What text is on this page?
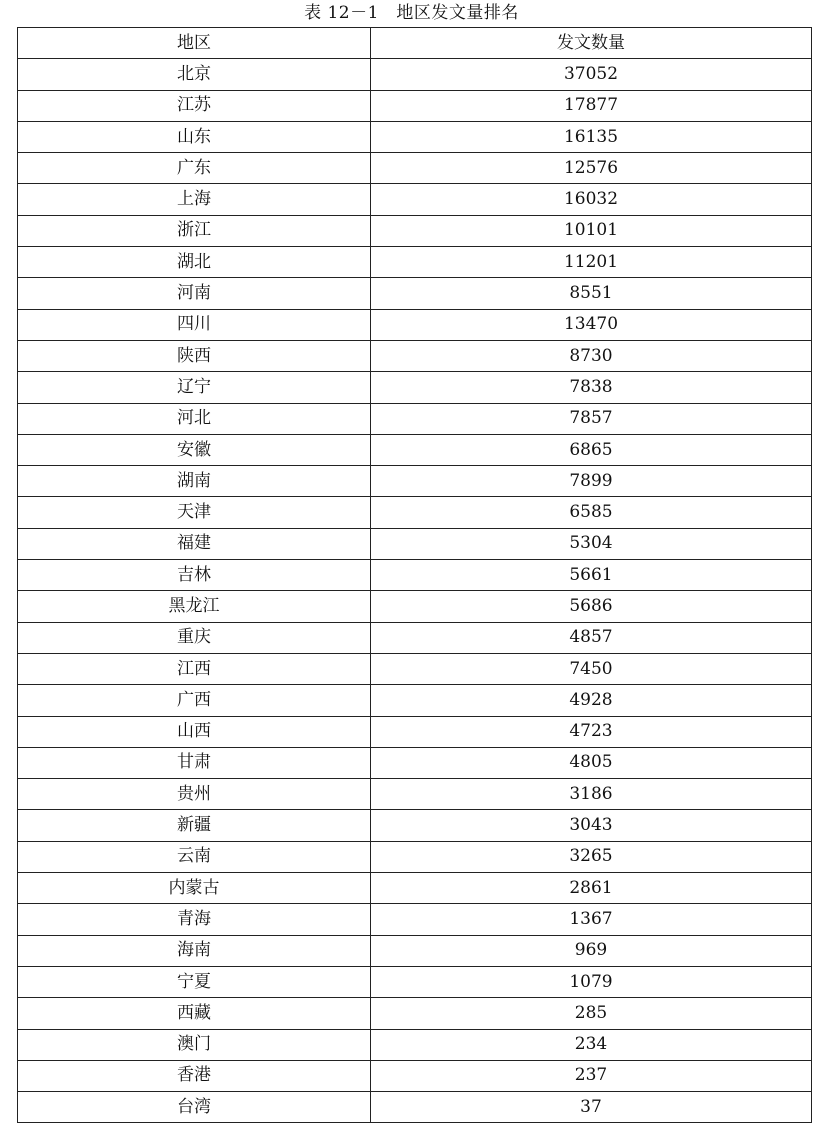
表 12－1　地区发文量排名
地区	发文数量
北京	37052
江苏	17877
山东	16135
广东	12576
上海	16032
浙江	10101
湖北	11201
河南	8551
四川	13470
陕西	8730
辽宁	7838
河北	7857
安徽	6865
湖南	7899
天津	6585
福建	5304
吉林	5661
黑龙江	5686
重庆	4857
江西	7450
广西	4928
山西	4723
甘肃	4805
贵州	3186
新疆	3043
云南	3265
内蒙古	2861
青海	1367
海南	969
宁夏	1079
西藏	285
澳门	234
香港	237
台湾	37
